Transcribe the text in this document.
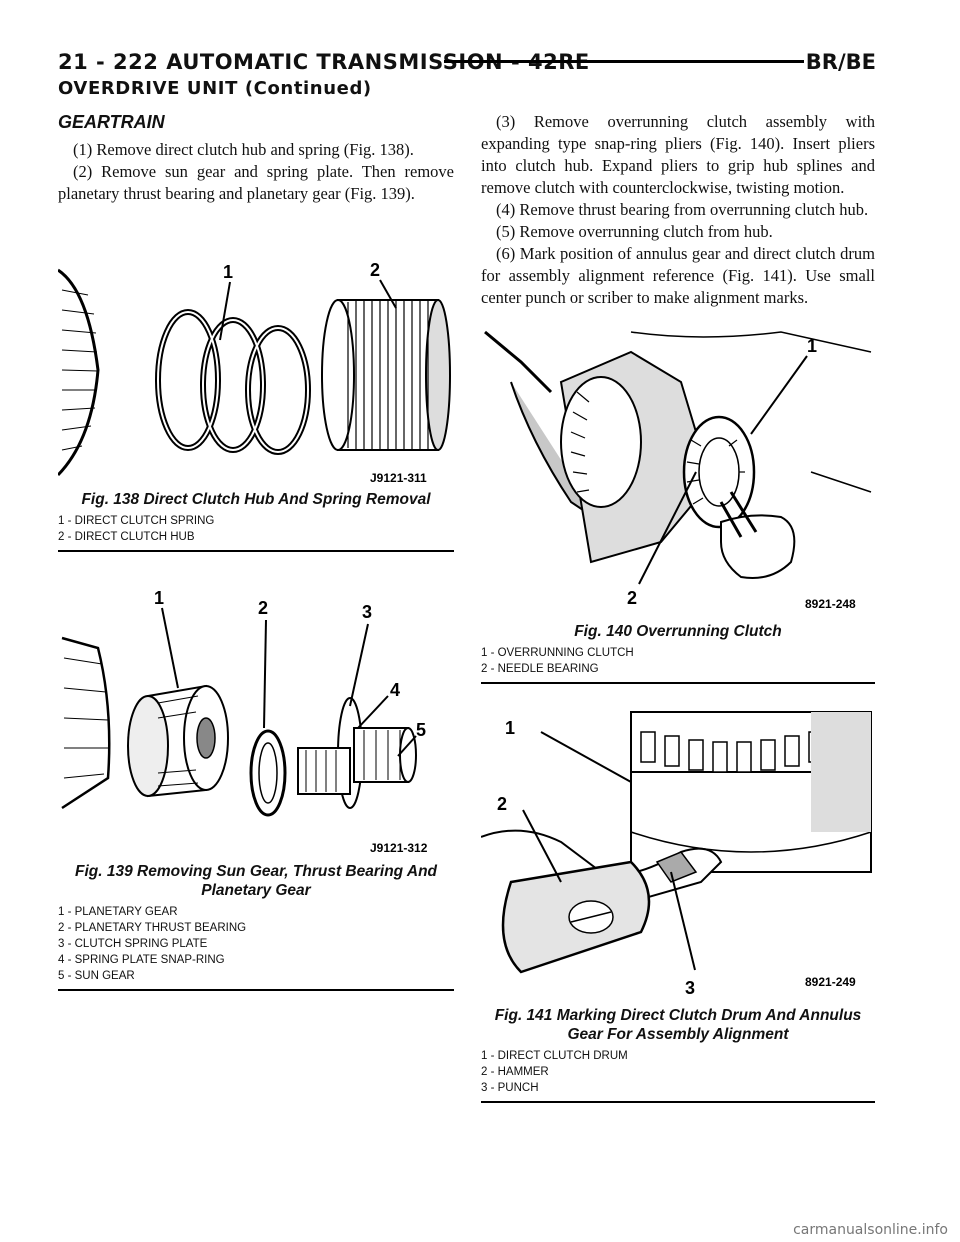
21 - 222 AUTOMATIC TRANSMISSION - 42RE	BR/BE
OVERDRIVE UNIT (Continued)
GEARTRAIN

(1) Remove direct clutch hub and spring (Fig. 138).

(2) Remove sun gear and spring plate. Then remove planetary thrust bearing and planetary gear (Fig. 139).

(3) Remove overrunning clutch assembly with expanding type snap-ring pliers (Fig. 140). Insert pliers into clutch hub. Expand pliers to grip hub splines and remove clutch with counterclockwise, twisting motion.

(4) Remove thrust bearing from overrunning clutch hub.

(5) Remove overrunning clutch from hub.

(6) Mark position of annulus gear and direct clutch drum for assembly alignment reference (Fig. 141). Use small center punch or scriber to make alignment marks.

1	2
J9121-311
Fig. 138 Direct Clutch Hub And Spring Removal
1 - DIRECT CLUTCH SPRING
2 - DIRECT CLUTCH HUB
1	2	3
4
5
J9121-312
Fig. 139 Removing Sun Gear, Thrust Bearing And Planetary Gear
1 - PLANETARY GEAR
2 - PLANETARY THRUST BEARING
3 - CLUTCH SPRING PLATE
4 - SPRING PLATE SNAP-RING
5 - SUN GEAR
1
2	8921-248
Fig. 140 Overrunning Clutch
1 - OVERRUNNING CLUTCH
2 - NEEDLE BEARING
1
2
3	8921-249
Fig. 141 Marking Direct Clutch Drum And Annulus Gear For Assembly Alignment
1 - DIRECT CLUTCH DRUM
2 - HAMMER
3 - PUNCH
carmanualsonline.info
